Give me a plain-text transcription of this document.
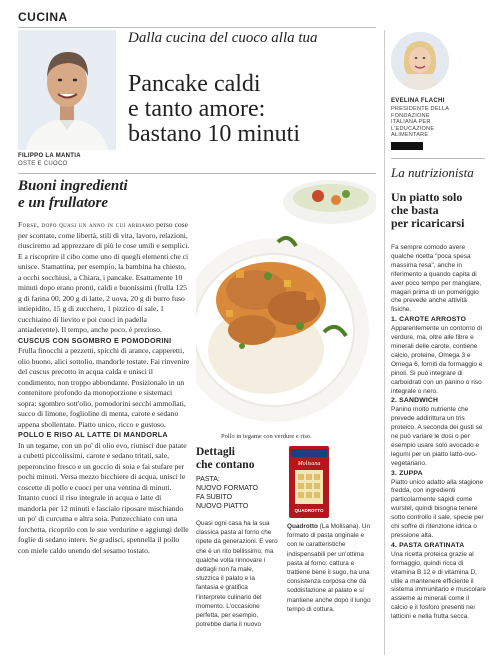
CUCINA
FILIPPO LA MANTIA
OSTE E CUOCO
Dalla cucina del cuoco alla tua
Pancake caldi
e tanto amore:
bastano 10 minuti
Buoni ingredienti
e un frullatore

Forse, dopo quasi un anno in cui abbiamo perso cose per scontate, come libertà, stili di vita, lavoro, relazioni, riusciremo ad apprezzare di più le cose umili e semplici. E a riscoprire il cibo come uno di quegli elementi che ci unisce. Stamattina, per esempio, la bambina ha chiesto, a occhi socchiusi, a Chiara, i pancake. Esattamente 10 minuti dopo erano pronti, caldi e buonissimi (frulla 125 g di farina 00, 200 g di latte, 2 uova, 20 g di burro fuso intiepidito, 15 g di zucchero, 1 pizzico di sale, 1 cucchiaino di lievito e poi cuoci in padella antiaderente). Il tempo, anche poco, è prezioso.

CUSCUS CON SGOMBRO E POMODORINI

Frulla finocchi a pezzetti, spicchi di arance, capperetti, olio buono, alici sottolio, mandorle tostate. Fai rinvenire del cuscus precotto in acqua calda e unisci il condimento, non troppo abbondante. Posizionalo in un contenitore profondo da monoporzione e sistemaci sopra: sgombro sott'olio, pomodorini secchi ammollati, succo di limone, foglioline di menta, carote e sedano appena sbollentate. Piatto unico, ricco e gustoso.

POLLO E RISO AL LATTE DI MANDORLA

In un tegame, con un po' di olio evo, riunisci due patate a cubetti piccolissimi, carote e sedano tritati, sale, peperoncino fresco e un goccio di soia e fai stufare per pochi minuti. Versa mezzo bicchiere di acqua, unisci le coscette di pollo e cuoci per una ventina di minuti. Intanto cuoci il riso integrale in acqua e latte di mandorla per 12 minuti e lascialo riposare mischiando un po' di curcuma e altra soia. Punzecchiato con una forchetta, ricoprilo con le sue verdurine e aggiungi delle foglie di sedano intere. Se gradisci, spennella il pollo con miele caldo unendo del sesamo tostato.

Pollo in tegame con verdure e riso.
Dettagli
che contano
PASTA:
NUOVO FORMATO
FA SUBITO
NUOVO PIATTO
Quasi ogni casa ha la sua classica pasta al forno che ripete da generazioni. E vero che è un rito bellissimo, ma qualche volta rinnovare i dettagli non fa male, stuzzica il palato e la fantasia e gratifica l'interprete culinario del momento. L'occasione perfetta, per esempio, potrebbe darla il nuovo
Molisana
QUADROTTO
Quadrotto (La Molisana). Un formato di pasta originale e con le caratteristiche indispensabili per un'ottima pasta al forno: cattura e trattiene bene il sugo, ha una consistenza corposa che dà soddisfazione al palato e si mantiene anche dopo il lungo tempo di cottura.
EVELINA FLACHI
PRESIDENTE DELLA
FONDAZIONE
ITALIANA PER
L'EDUCAZIONE
ALIMENTARE
La nutrizionista
Un piatto solo
che basta
per ricaricarsi

Fa sempre comodo avere qualche ricetta "poca spesa massima resa", anche in riferimento a quando capita di aver poco tempo per mangiare, magari prima di un pomeriggio che prevede anche attività fisiche.

1. CAROTE ARROSTO

Apparentemente un contorno di verdure, ma, oltre alle fibre e minerali delle carote, contiene calcio, proteine, Omega 3 e Omega 6, forniti da formaggio e pinoli. Si può integrare di carboidrati con un panino o riso integrale o nero.

2. SANDWICH

Panino molto nutriente che prevede addirittura un tris proteico. A seconda dei gusti se ne può variare le dosi o per esempio usare solo avocado e legumi per un piatto latto-ovo-vegetariano.

3. ZUPPA

Piatto unico adatto alla stagione fredda, con ingredienti particolarmente sapidi come wurstel, quindi bisogna tenere sotto controllo il sale, specie per chi soffre di ritenzione idrica o pressione alta.

4. PASTA GRATINATA

Una ricetta proteica grazie al formaggio, quindi ricca di vitamina B 12 e di vitamina D, utile a mantenere efficiente il sistema immunitario e muscolare assieme ai minerali come il calcio e il fosforo presenti nei latticini e nella frutta secca.
